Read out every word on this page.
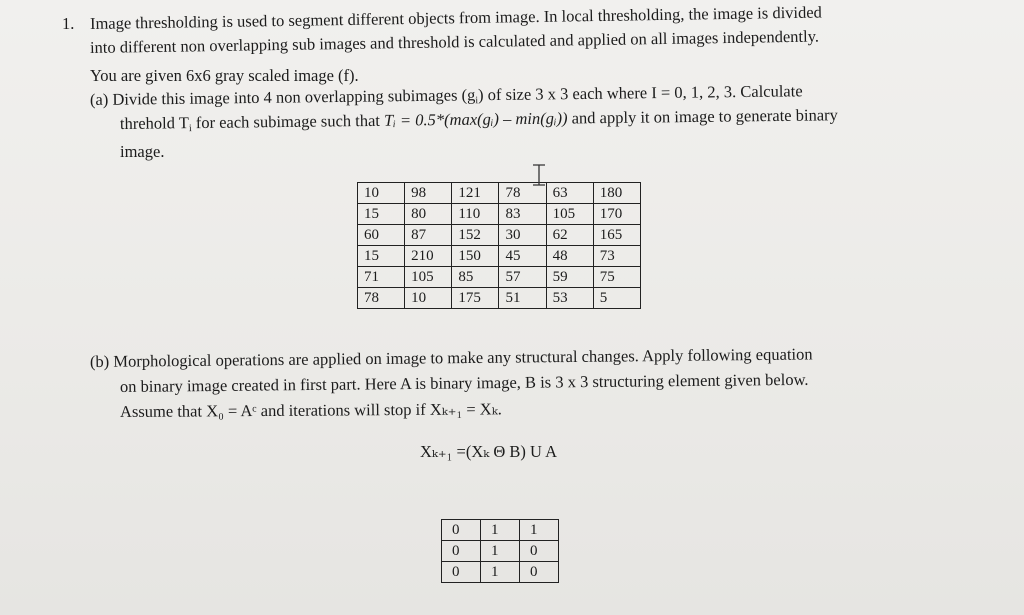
1. Image thresholding is used to segment different objects from image. In local thresholding, the image is divided
into different non overlapping sub images and threshold is calculated and applied on all images independently.
You are given 6x6 gray scaled image (f).
(a) Divide this image into 4 non overlapping subimages $(g_i)$ of size 3 x 3 each where I = 0, 1, 2, 3. Calculate
threhold $T_i$ for each subimage such that Tᵢ = 0.5*(max(gᵢ) – min(gᵢ)) and apply it on image to generate binary
image.
10	98	121	78	63	180
15	80	110	83	105	170
60	87	152	30	62	165
15	210	150	45	48	73
71	105	85	57	59	75
78	10	175	51	53	5
(b) Morphological operations are applied on image to make any structural changes. Apply following equation
on binary image created in first part. Here A is binary image, B is 3 x 3 structuring element given below.
Assume that X₀ = Aᶜ and iterations will stop if Xₖ₊₁ = Xₖ.
Xₖ₊₁ =(Xₖ Θ B) U A
0	1	1
0	1	0
0	1	0
